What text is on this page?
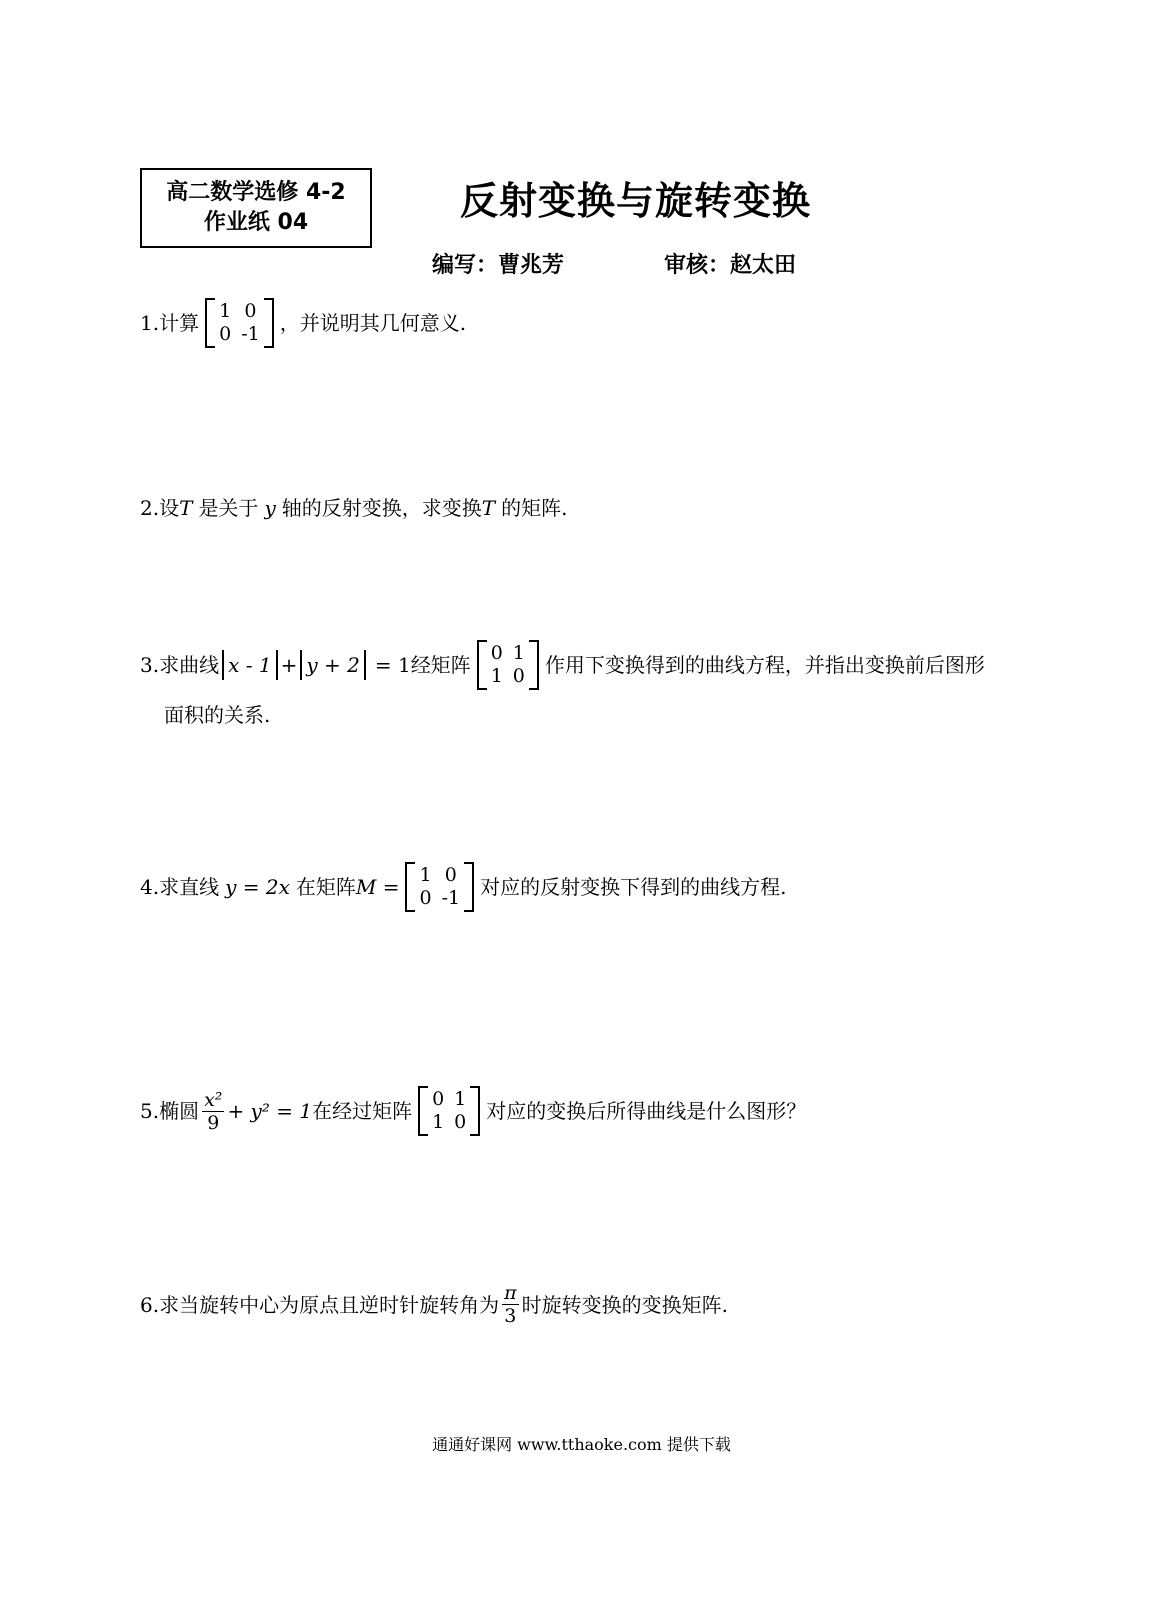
高二数学选修 4-2
作业纸 04	反射变换与旋转变换
编写：曹兆芳	审核：赵太田
1. 计算 1
0
0
-1 ，并说明其几何意义.
2. 设 T 是关于 y 轴的反射变换，求变换 T 的矩阵.
3. 求曲线 x - 1 + y + 2 = 1 经矩阵 0
1
1
0 作用下变换得到的曲线方程，并指出变换前后图形
面积的关系.
4. 求直线 y = 2x 在矩阵 M = 1
0
0
-1 对应的反射变换下得到的曲线方程.
5. 椭圆 $\frac{\text{x²}}{9} + y^2 = 1$ 在经过矩阵 0
1
1
0 对应的变换后所得曲线是什么图形？
6. 求当旋转中心为原点且逆时针旋转角为 $\frac{\pi}{3}$ 时旋转变换的变换矩阵.
通通好课网 www.tthaoke.com 提供下载
